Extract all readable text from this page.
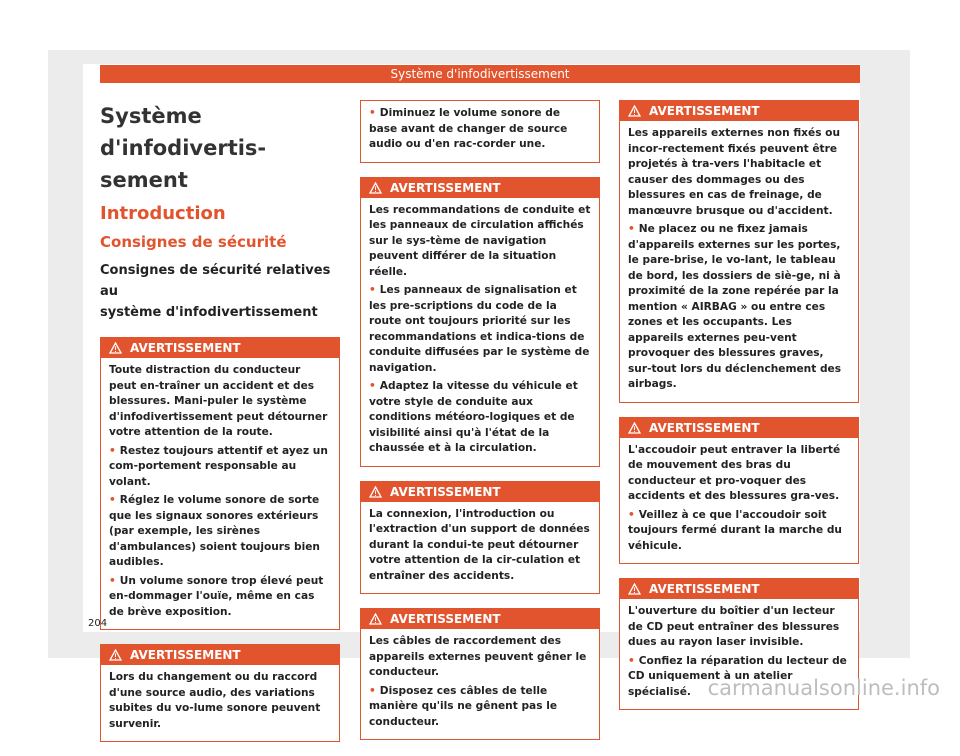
Système d'infodivertissement
Système d'infodivertis-
sement
Introduction
Consignes de sécurité
Consignes de sécurité relatives au
système d'infodivertissement
AVERTISSEMENT

Toute distraction du conducteur peut en-traîner un accident et des blessures. Mani-puler le système d'infodivertissement peut détourner votre attention de la route.

• Restez toujours attentif et ayez un com-portement responsable au volant.

• Réglez le volume sonore de sorte que les signaux sonores extérieurs (par exemple, les sirènes d'ambulances) soient toujours bien audibles.

• Un volume sonore trop élevé peut en-dommager l'ouïe, même en cas de brève exposition.

AVERTISSEMENT

Lors du changement ou du raccord d'une source audio, des variations subites du vo-lume sonore peuvent survenir.

• Diminuez le volume sonore de base avant de changer de source audio ou d'en rac-corder une.

AVERTISSEMENT

Les recommandations de conduite et les panneaux de circulation affichés sur le sys-tème de navigation peuvent différer de la situation réelle.

• Les panneaux de signalisation et les pre-scriptions du code de la route ont toujours priorité sur les recommandations et indica-tions de conduite diffusées par le système de navigation.

• Adaptez la vitesse du véhicule et votre style de conduite aux conditions météoro-logiques et de visibilité ainsi qu'à l'état de la chaussée et à la circulation.

AVERTISSEMENT

La connexion, l'introduction ou l'extraction d'un support de données durant la condui-te peut détourner votre attention de la cir-culation et entraîner des accidents.

AVERTISSEMENT

Les câbles de raccordement des appareils externes peuvent gêner le conducteur.

• Disposez ces câbles de telle manière qu'ils ne gênent pas le conducteur.

AVERTISSEMENT

Les appareils externes non fixés ou incor-rectement fixés peuvent être projetés à tra-vers l'habitacle et causer des dommages ou des blessures en cas de freinage, de manœuvre brusque ou d'accident.

• Ne placez ou ne fixez jamais d'appareils externes sur les portes, le pare-brise, le vo-lant, le tableau de bord, les dossiers de siè-ge, ni à proximité de la zone repérée par la mention « AIRBAG » ou entre ces zones et les occupants. Les appareils externes peu-vent provoquer des blessures graves, sur-tout lors du déclenchement des airbags.

AVERTISSEMENT

L'accoudoir peut entraver la liberté de mouvement des bras du conducteur et pro-voquer des accidents et des blessures gra-ves.

• Veillez à ce que l'accoudoir soit toujours fermé durant la marche du véhicule.

AVERTISSEMENT

L'ouverture du boîtier d'un lecteur de CD peut entraîner des blessures dues au rayon laser invisible.

• Confiez la réparation du lecteur de CD uniquement à un atelier spécialisé.

204
carmanualsonline.info
